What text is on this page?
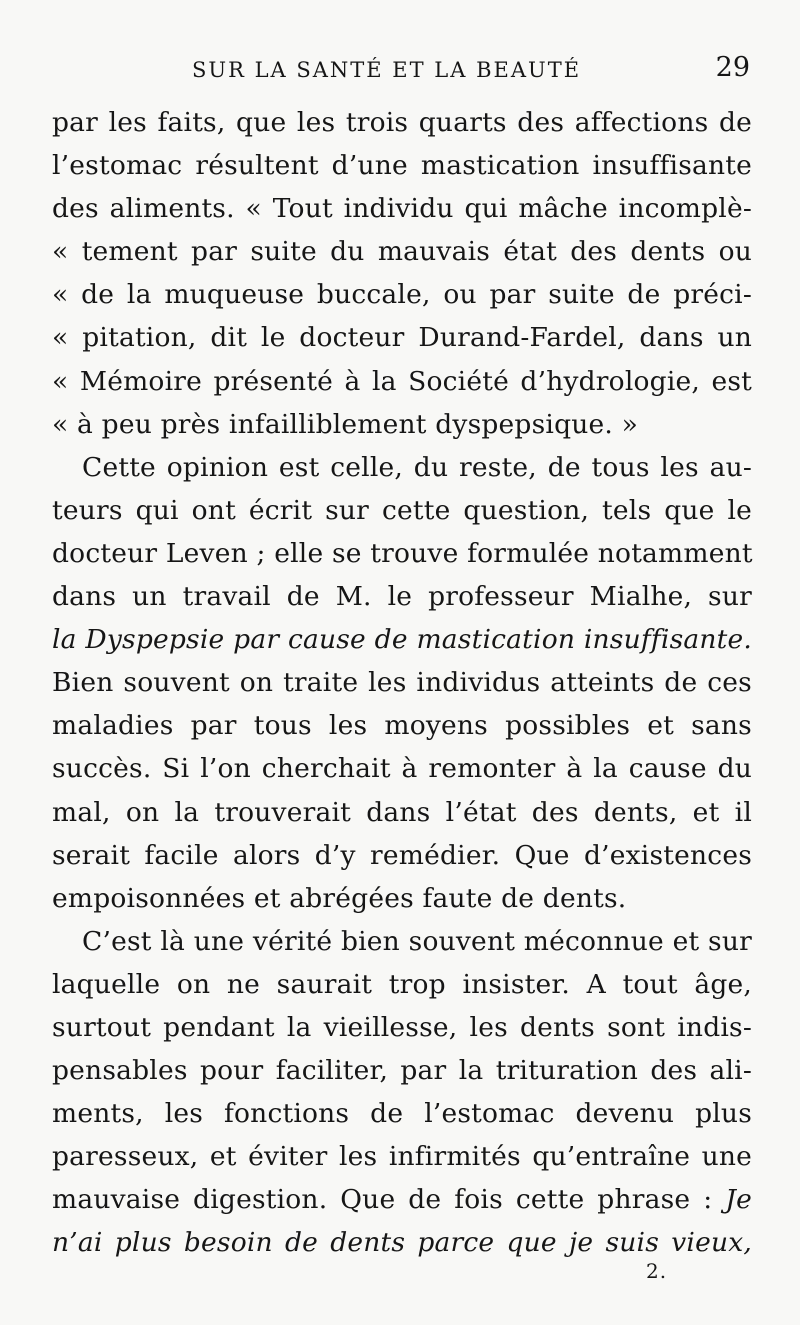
SUR LA SANTÉ ET LA BEAUTÉ	29
par les faits, que les trois quarts des affections de
l’estomac résultent d’une mastication insuffisante
des aliments. « Tout individu qui mâche incomplè-
« tement par suite du mauvais état des dents ou
« de la muqueuse buccale, ou par suite de préci-
« pitation, dit le docteur Durand-Fardel, dans un
« Mémoire présenté à la Société d’hydrologie, est
« à peu près infailliblement dyspepsique. »
Cette opinion est celle, du reste, de tous les au-
teurs qui ont écrit sur cette question, tels que le
docteur Leven ; elle se trouve formulée notamment
dans un travail de M. le professeur Mialhe, sur
la Dyspepsie par cause de mastication insuffisante.
Bien souvent on traite les individus atteints de ces
maladies par tous les moyens possibles et sans
succès. Si l’on cherchait à remonter à la cause du
mal, on la trouverait dans l’état des dents, et il
serait facile alors d’y remédier. Que d’existences
empoisonnées et abrégées faute de dents.
C’est là une vérité bien souvent méconnue et sur
laquelle on ne saurait trop insister. A tout âge,
surtout pendant la vieillesse, les dents sont indis-
pensables pour faciliter, par la trituration des ali-
ments, les fonctions de l’estomac devenu plus
paresseux, et éviter les infirmités qu’entraîne une
mauvaise digestion. Que de fois cette phrase : Je
n’ai plus besoin de dents parce que je suis vieux,
2.
